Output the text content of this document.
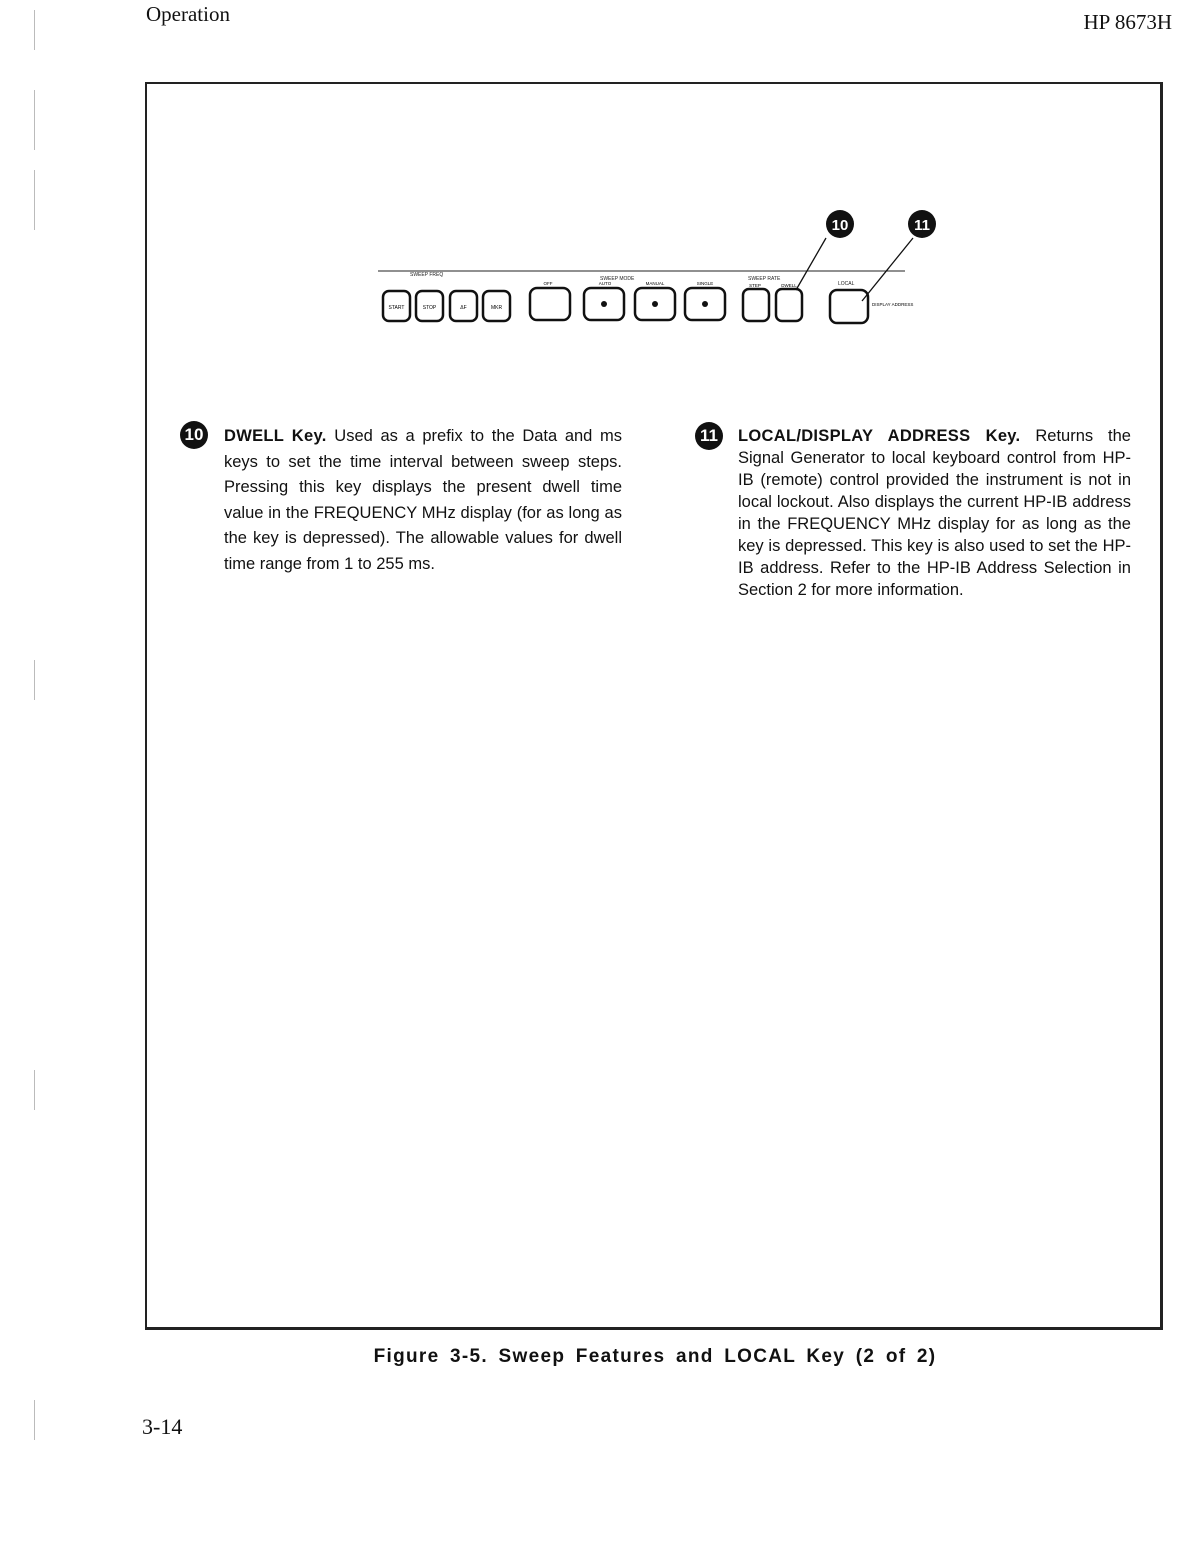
Operation	HP 8673H
SWEEP FREQ
SWEEP MODE	SWEEP RATE
LOCAL
START	STOP	ΔF	MKR
OFF	AUTO	MANUAL	SINGLE	STEP	DWELL
DISPLAY ADDRESS
10	11
10 DWELL Key. Used as a prefix to the Data and ms keys to set the time interval between sweep steps. Pressing this key displays the present dwell time value in the FREQUENCY MHz display (for as long as the key is depressed). The allowable values for dwell time range from 1 to 255 ms.
11	LOCAL/DISPLAY ADDRESS Key. Returns the Signal Generator to local keyboard control from HP-IB (remote) control provided the instrument is not in local lockout. Also displays the current HP-IB address in the FREQUENCY MHz display for as long as the key is depressed. This key is also used to set the HP-IB address. Refer to the HP-IB Address Selection in Section 2 for more information.
Figure 3-5. Sweep Features and LOCAL Key (2 of 2)
3-14
